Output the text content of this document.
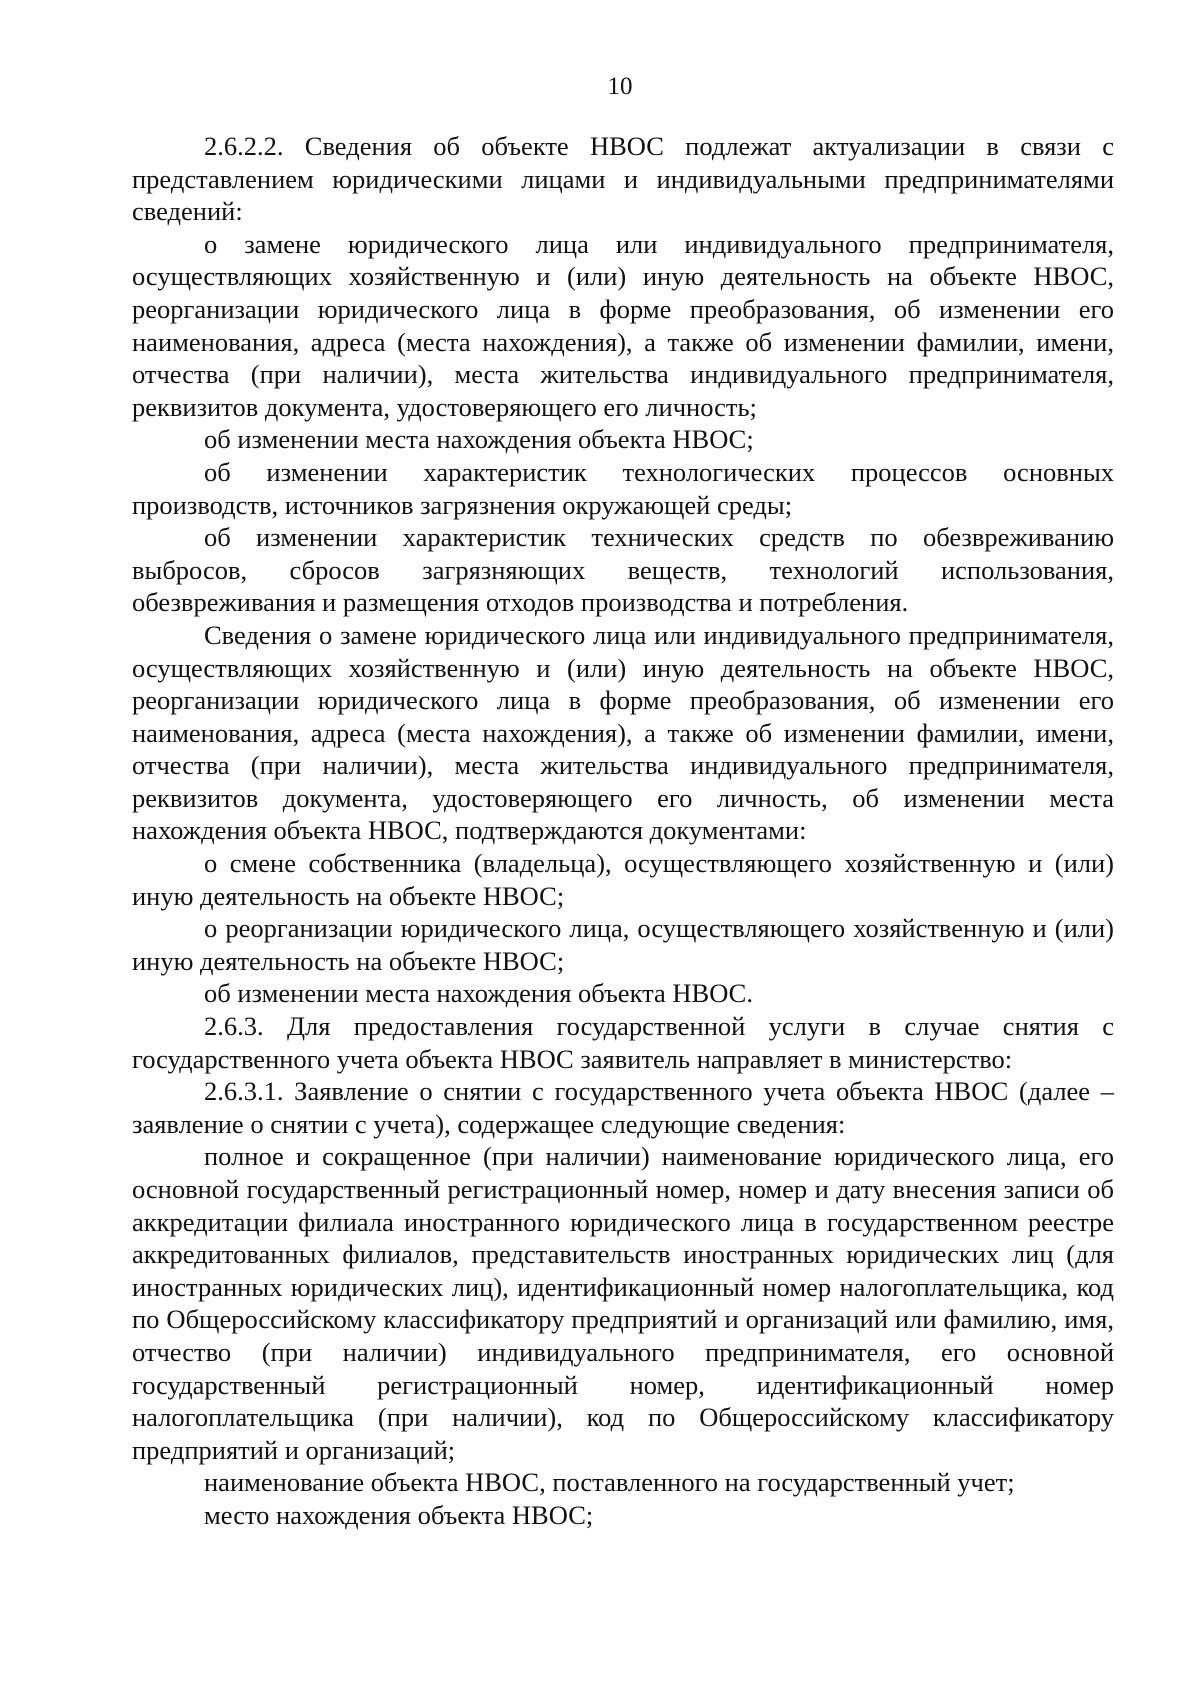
10

2.6.2.2. Сведения об объекте НВОС подлежат актуализации в связи с представлением юридическими лицами и индивидуальными предпринимателями сведений:

о замене юридического лица или индивидуального предпринимателя, осуществляющих хозяйственную и (или) иную деятельность на объекте НВОС, реорганизации юридического лица в форме преобразования, об изменении его наименования, адреса (места нахождения), а также об изменении фамилии, имени, отчества (при наличии), места жительства индивидуального предпринимателя, реквизитов документа, удостоверяющего его личность;

об изменении места нахождения объекта НВОС;

об изменении характеристик технологических процессов основных производств, источников загрязнения окружающей среды;

об изменении характеристик технических средств по обезвреживанию выбросов, сбросов загрязняющих веществ, технологий использования, обезвреживания и размещения отходов производства и потребления.

Сведения о замене юридического лица или индивидуального предпринимателя, осуществляющих хозяйственную и (или) иную деятельность на объекте НВОС, реорганизации юридического лица в форме преобразования, об изменении его наименования, адреса (места нахождения), а также об изменении фамилии, имени, отчества (при наличии), места жительства индивидуального предпринимателя, реквизитов документа, удостоверяющего его личность, об изменении места нахождения объекта НВОС, подтверждаются документами:

о смене собственника (владельца), осуществляющего хозяйственную и (или) иную деятельность на объекте НВОС;

о реорганизации юридического лица, осуществляющего хозяйственную и (или) иную деятельность на объекте НВОС;

об изменении места нахождения объекта НВОС.

2.6.3. Для предоставления государственной услуги в случае снятия с государственного учета объекта НВОС заявитель направляет в министерство:

2.6.3.1. Заявление о снятии с государственного учета объекта НВОС (далее – заявление о снятии с учета), содержащее следующие сведения:

полное и сокращенное (при наличии) наименование юридического лица, его основной государственный регистрационный номер, номер и дату внесения записи об аккредитации филиала иностранного юридического лица в государственном реестре аккредитованных филиалов, представительств иностранных юридических лиц (для иностранных юридических лиц), идентификационный номер налогоплательщика, код по Общероссийскому классификатору предприятий и организаций или фамилию, имя, отчество (при наличии) индивидуального предпринимателя, его основной государственный регистрационный номер, идентификационный номер налогоплательщика (при наличии), код по Общероссийскому классификатору предприятий и организаций;

наименование объекта НВОС, поставленного на государственный учет;

место нахождения объекта НВОС;
